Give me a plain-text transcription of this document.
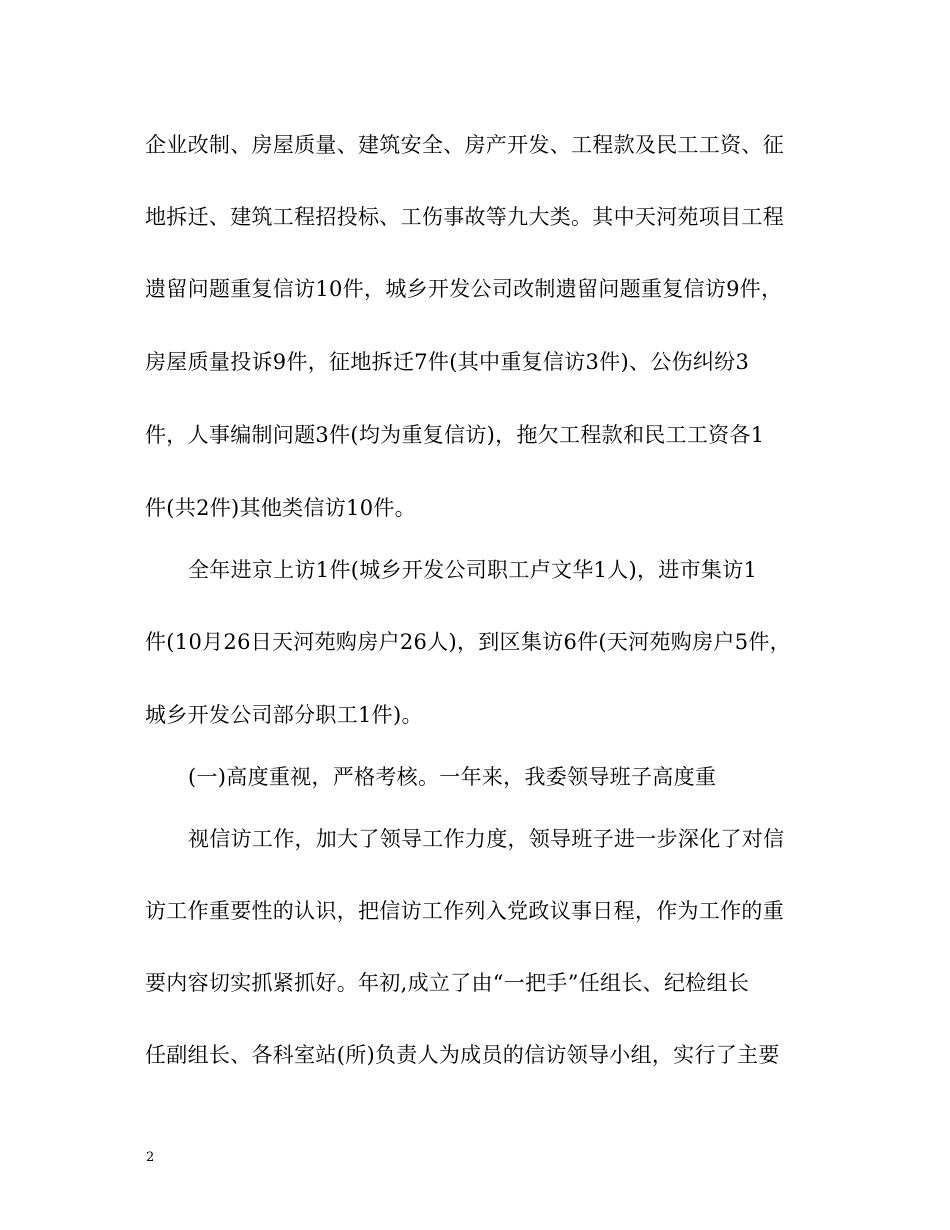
企业改制、房屋质量、建筑安全、房产开发、工程款及民工工资、征
地拆迁、建筑工程招投标、工伤事故等九大类。其中天河苑项目工程
遗留问题重复信访10件，城乡开发公司改制遗留问题重复信访9件，
房屋质量投诉9件，征地拆迁7件(其中重复信访3件)、公伤纠纷3
件，人事编制问题3件(均为重复信访)，拖欠工程款和民工工资各1
件(共2件)其他类信访10件。
全年进京上访1件(城乡开发公司职工卢文华1人)，进市集访1
件(10月26日天河苑购房户26人)，到区集访6件(天河苑购房户5件，
城乡开发公司部分职工1件)。
(一)高度重视，严格考核。一年来，我委领导班子高度重
视信访工作，加大了领导工作力度，领导班子进一步深化了对信
访工作重要性的认识，把信访工作列入党政议事日程，作为工作的重
要内容切实抓紧抓好。年初,成立了由“一把手”任组长、纪检组长
任副组长、各科室站(所)负责人为成员的信访领导小组，实行了主要
2
